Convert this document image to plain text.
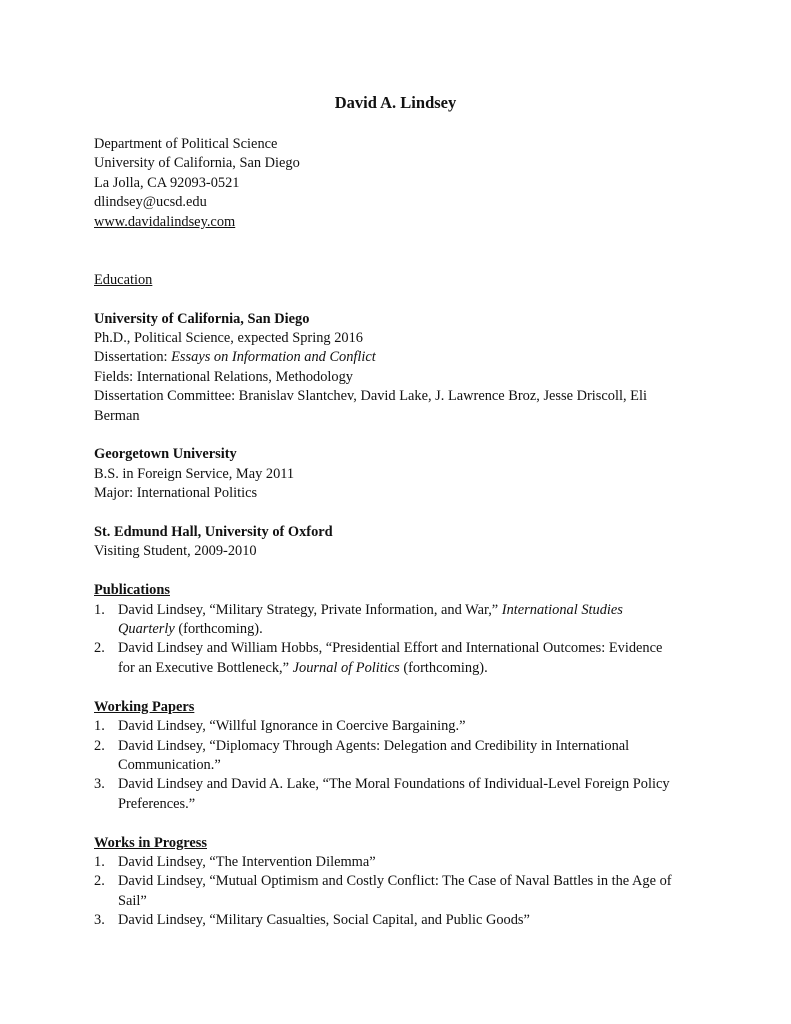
David A. Lindsey
Department of Political Science
University of California, San Diego
La Jolla, CA 92093-0521
dlindsey@ucsd.edu
www.davidalindsey.com
Education
University of California, San Diego
Ph.D., Political Science, expected Spring 2016
Dissertation: Essays on Information and Conflict
Fields: International Relations, Methodology
Dissertation Committee: Branislav Slantchev, David Lake, J. Lawrence Broz, Jesse Driscoll, Eli Berman
Georgetown University
B.S. in Foreign Service, May 2011
Major: International Politics
St. Edmund Hall, University of Oxford
Visiting Student, 2009-2010
Publications
1. David Lindsey, “Military Strategy, Private Information, and War,” International Studies Quarterly (forthcoming).
2. David Lindsey and William Hobbs, “Presidential Effort and International Outcomes: Evidence for an Executive Bottleneck,” Journal of Politics (forthcoming).
Working Papers
1. David Lindsey, “Willful Ignorance in Coercive Bargaining.”
2. David Lindsey, “Diplomacy Through Agents: Delegation and Credibility in International Communication.”
3. David Lindsey and David A. Lake, “The Moral Foundations of Individual-Level Foreign Policy Preferences.”
Works in Progress
1. David Lindsey, “The Intervention Dilemma”
2. David Lindsey, “Mutual Optimism and Costly Conflict: The Case of Naval Battles in the Age of Sail”
3. David Lindsey, “Military Casualties, Social Capital, and Public Goods”
